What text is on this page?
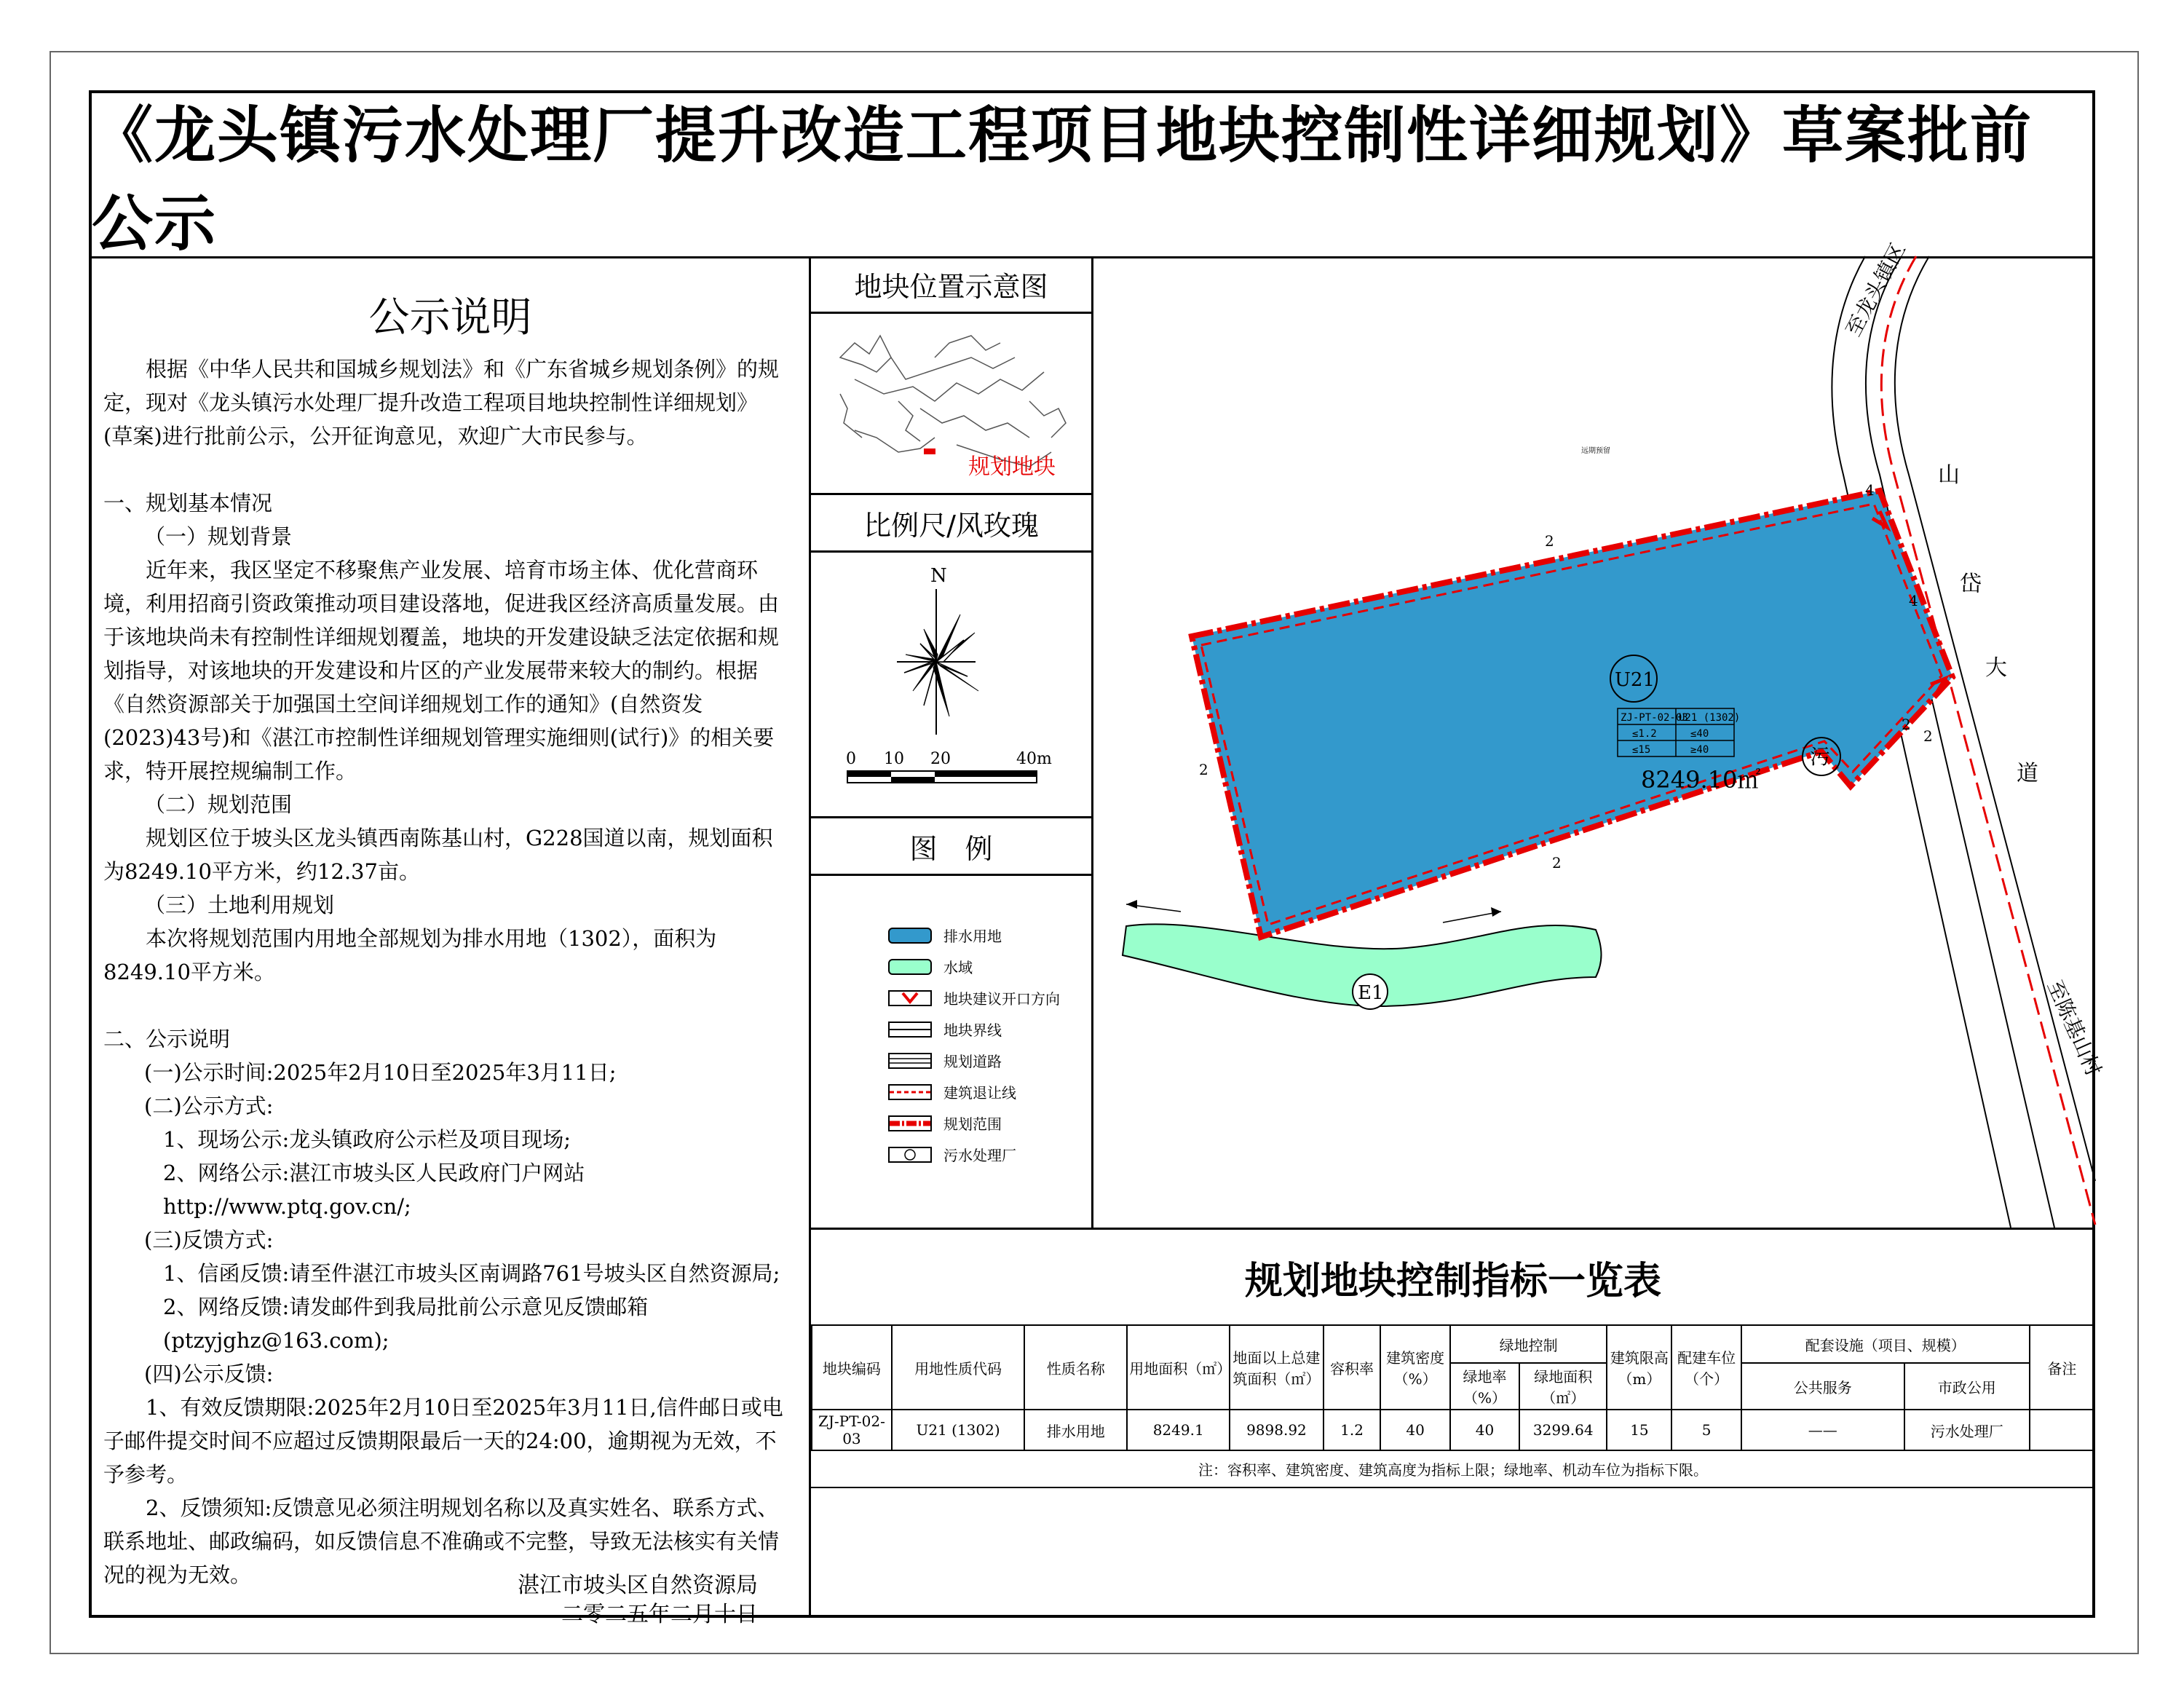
《龙头镇污水处理厂提升改造工程项目地块控制性详细规划》草案批前公示
公示说明
根据《中华人民共和国城乡规划法》和《广东省城乡规划条例》的规定，现对《龙头镇污水处理厂提升改造工程项目地块控制性详细规划》(草案)进行批前公示，公开征询意见，欢迎广大市民参与。
一、规划基本情况
（一）规划背景
近年来，我区坚定不移聚焦产业发展、培育市场主体、优化营商环境，利用招商引资政策推动项目建设落地，促进我区经济高质量发展。由于该地块尚未有控制性详细规划覆盖，地块的开发建设缺乏法定依据和规划指导，对该地块的开发建设和片区的产业发展带来较大的制约。根据《自然资源部关于加强国土空间详细规划工作的通知》(自然资发(2023)43号)和《湛江市控制性详细规划管理实施细则(试行)》的相关要求，特开展控规编制工作。
（二）规划范围
规划区位于坡头区龙头镇西南陈基山村，G228国道以南，规划面积为8249.10平方米，约12.37亩。
（三）土地利用规划
本次将规划范围内用地全部规划为排水用地（1302），面积为8249.10平方米。
二、公示说明
(一)公示时间:2025年2月10日至2025年3月11日;
(二)公示方式:
1、现场公示:龙头镇政府公示栏及项目现场;
2、网络公示:湛江市坡头区人民政府门户网站http://www.ptq.gov.cn/;
(三)反馈方式:
1、信函反馈:请至件湛江市坡头区南调路761号坡头区自然资源局;
2、网络反馈:请发邮件到我局批前公示意见反馈邮箱(ptzyjghz@163.com);
(四)公示反馈:
1、有效反馈期限:2025年2月10日至2025年3月11日,信件邮日或电子邮件提交时间不应超过反馈期限最后一天的24:00，逾期视为无效，不予参考。
2、反馈须知:反馈意见必须注明规划名称以及真实姓名、联系方式、联系地址、邮政编码，如反馈信息不准确或不完整，导致无法核实有关情况的视为无效。	湛江市坡头区自然资源局
二零二五年二月十日
地块位置示意图
规划地块
比例尺/风玫瑰
N
0 10 20	40m
图　例
排水用地
水域
地块建议开口方向
地块界线
规划道路
建筑退让线
规划范围
污水处理厂
至龙头镇区
至陈基山村
山
岱
大
道
E1
远期预留
U21
污
ZJ-PT-02-03
U21 (1302)
≤1.2	≤40
≤15	≥40
8249.10㎡
4
4
2
2
2
2
2
规划地块控制指标一览表
地块编码	用地性质代码	性质名称	用地面积（㎡）	地面以上总建筑面积（㎡）	容积率	建筑密度（%）	绿地控制		建筑限高（m）	配建车位（个）	配套设施（项目、规模）		备注
							绿地率（%）	绿地面积（㎡）			公共服务	市政公用	
ZJ-PT-02-03	U21 (1302)	排水用地	8249.1	9898.92	1.2	40	40	3299.64	15	5	——	污水处理厂	
注：容积率、建筑密度、建筑高度为指标上限；绿地率、机动车位为指标下限。
